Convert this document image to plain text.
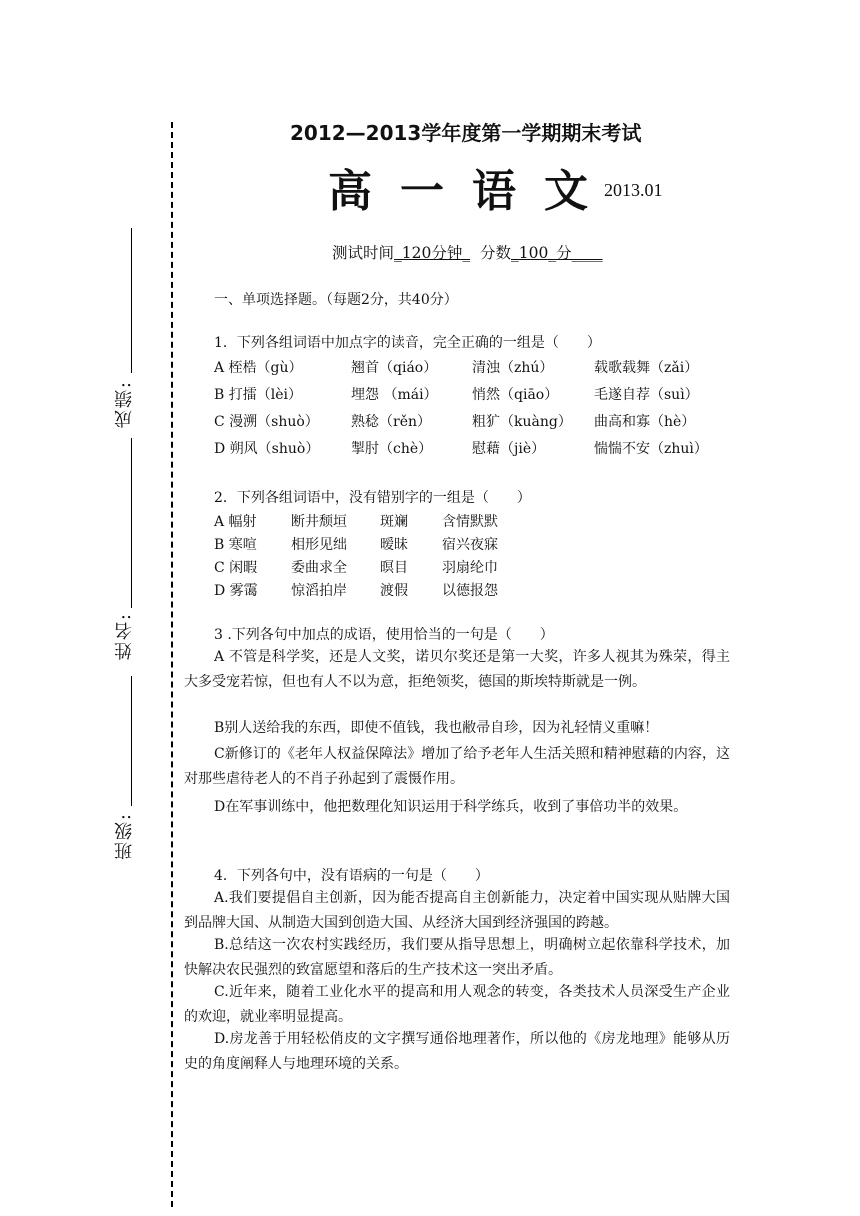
成绩:
姓名:
班级:
2012—2013学年度第一学期期末考试
高一语文
2013.01
测试时间_120分钟_ 分数_100_分____
一、单项选择题。（每题2分，共40分）
1．下列各组词语中加点字的读音，完全正确的一组是（　　）
A 桎梏（gù）	翘首（qiáo） 清浊（zhú）	载歌载舞（zǎi）
B 打擂（lèi）	埋怨 （mái） 悄然（qiāo）	毛遂自荐（suì）
C 漫溯（shuò） 熟稔（rěn）	粗犷（kuàng） 曲高和寡（hè）
D 朔风（shuò） 掣肘（chè）	慰藉（jiè）	惴惴不安（zhuì）
2．下列各组词语中，没有错别字的一组是（　　）
A 幅射 断井颓垣 斑斓 含情默默
B 寒喧 相形见绌 暧昧 宿兴夜寐
C 闲暇 委曲求全 暝目 羽扇纶巾
D 雾霭 惊滔拍岸 渡假 以德报怨
3 .下列各句中加点的成语，使用恰当的一句是（　　）
A 不管是科学奖，还是人文奖，诺贝尔奖还是第一大奖，许多人视其为殊荣，得主大多受宠若惊，但也有人不以为意，拒绝领奖，德国的斯埃特斯就是一例。
B别人送给我的东西，即使不值钱，我也敝帚自珍，因为礼轻情义重嘛！
C新修订的《老年人权益保障法》增加了给予老年人生活关照和精神慰藉的内容，这对那些虐待老人的不肖子孙起到了震慑作用。
D在军事训练中，他把数理化知识运用于科学练兵，收到了事倍功半的效果。
4．下列各句中，没有语病的一句是（　　）
A.我们要提倡自主创新，因为能否提高自主创新能力，决定着中国实现从贴牌大国到品牌大国、从制造大国到创造大国、从经济大国到经济强国的跨越。
B.总结这一次农村实践经历，我们要从指导思想上，明确树立起依靠科学技术，加快解决农民强烈的致富愿望和落后的生产技术这一突出矛盾。
C.近年来，随着工业化水平的提高和用人观念的转变，各类技术人员深受生产企业的欢迎，就业率明显提高。
D.房龙善于用轻松俏皮的文字撰写通俗地理著作，所以他的《房龙地理》能够从历史的角度阐释人与地理环境的关系。
